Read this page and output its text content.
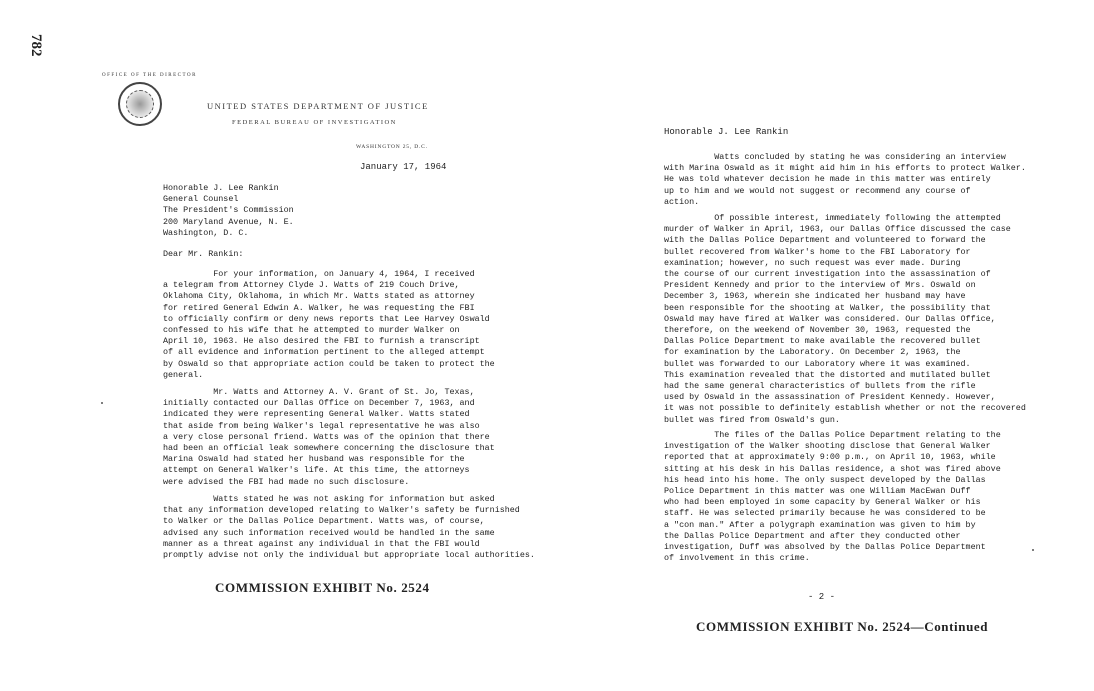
782
OFFICE OF THE DIRECTOR
UNITED STATES DEPARTMENT OF JUSTICE
FEDERAL BUREAU OF INVESTIGATION
WASHINGTON 25, D.C.
January 17, 1964
Honorable J. Lee Rankin
General Counsel
The President's Commission
200 Maryland Avenue, N. E.
Washington, D. C.
Dear Mr. Rankin:
For your information, on January 4, 1964, I received
a telegram from Attorney Clyde J. Watts of 219 Couch Drive,
Oklahoma City, Oklahoma, in which Mr. Watts stated as attorney
for retired General Edwin A. Walker, he was requesting the FBI
to officially confirm or deny news reports that Lee Harvey Oswald
confessed to his wife that he attempted to murder Walker on
April 10, 1963. He also desired the FBI to furnish a transcript
of all evidence and information pertinent to the alleged attempt
by Oswald so that appropriate action could be taken to protect the
general.
Mr. Watts and Attorney A. V. Grant of St. Jo, Texas,
initially contacted our Dallas Office on December 7, 1963, and
indicated they were representing General Walker. Watts stated
that aside from being Walker's legal representative he was also
a very close personal friend. Watts was of the opinion that there
had been an official leak somewhere concerning the disclosure that
Marina Oswald had stated her husband was responsible for the
attempt on General Walker's life. At this time, the attorneys
were advised the FBI had made no such disclosure.
Watts stated he was not asking for information but asked
that any information developed relating to Walker's safety be furnished
to Walker or the Dallas Police Department. Watts was, of course,
advised any such information received would be handled in the same
manner as a threat against any individual in that the FBI would
promptly advise not only the individual but appropriate local authorities.
COMMISSION EXHIBIT No. 2524
Honorable J. Lee Rankin
Watts concluded by stating he was considering an interview
with Marina Oswald as it might aid him in his efforts to protect Walker.
He was told whatever decision he made in this matter was entirely
up to him and we would not suggest or recommend any course of
action.
Of possible interest, immediately following the attempted
murder of Walker in April, 1963, our Dallas Office discussed the case
with the Dallas Police Department and volunteered to forward the
bullet recovered from Walker's home to the FBI Laboratory for
examination; however, no such request was ever made. During
the course of our current investigation into the assassination of
President Kennedy and prior to the interview of Mrs. Oswald on
December 3, 1963, wherein she indicated her husband may have
been responsible for the shooting at Walker, the possibility that
Oswald may have fired at Walker was considered. Our Dallas Office,
therefore, on the weekend of November 30, 1963, requested the
Dallas Police Department to make available the recovered bullet
for examination by the Laboratory. On December 2, 1963, the
bullet was forwarded to our Laboratory where it was examined.
This examination revealed that the distorted and mutilated bullet
had the same general characteristics of bullets from the rifle
used by Oswald in the assassination of President Kennedy. However,
it was not possible to definitely establish whether or not the recovered
bullet was fired from Oswald's gun.
The files of the Dallas Police Department relating to the
investigation of the Walker shooting disclose that General Walker
reported that at approximately 9:00 p.m., on April 10, 1963, while
sitting at his desk in his Dallas residence, a shot was fired above
his head into his home. The only suspect developed by the Dallas
Police Department in this matter was one William MacEwan Duff
who had been employed in some capacity by General Walker or his
staff. He was selected primarily because he was considered to be
a "con man." After a polygraph examination was given to him by
the Dallas Police Department and after they conducted other
investigation, Duff was absolved by the Dallas Police Department
of involvement in this crime.
- 2 -
COMMISSION EXHIBIT No. 2524—Continued
